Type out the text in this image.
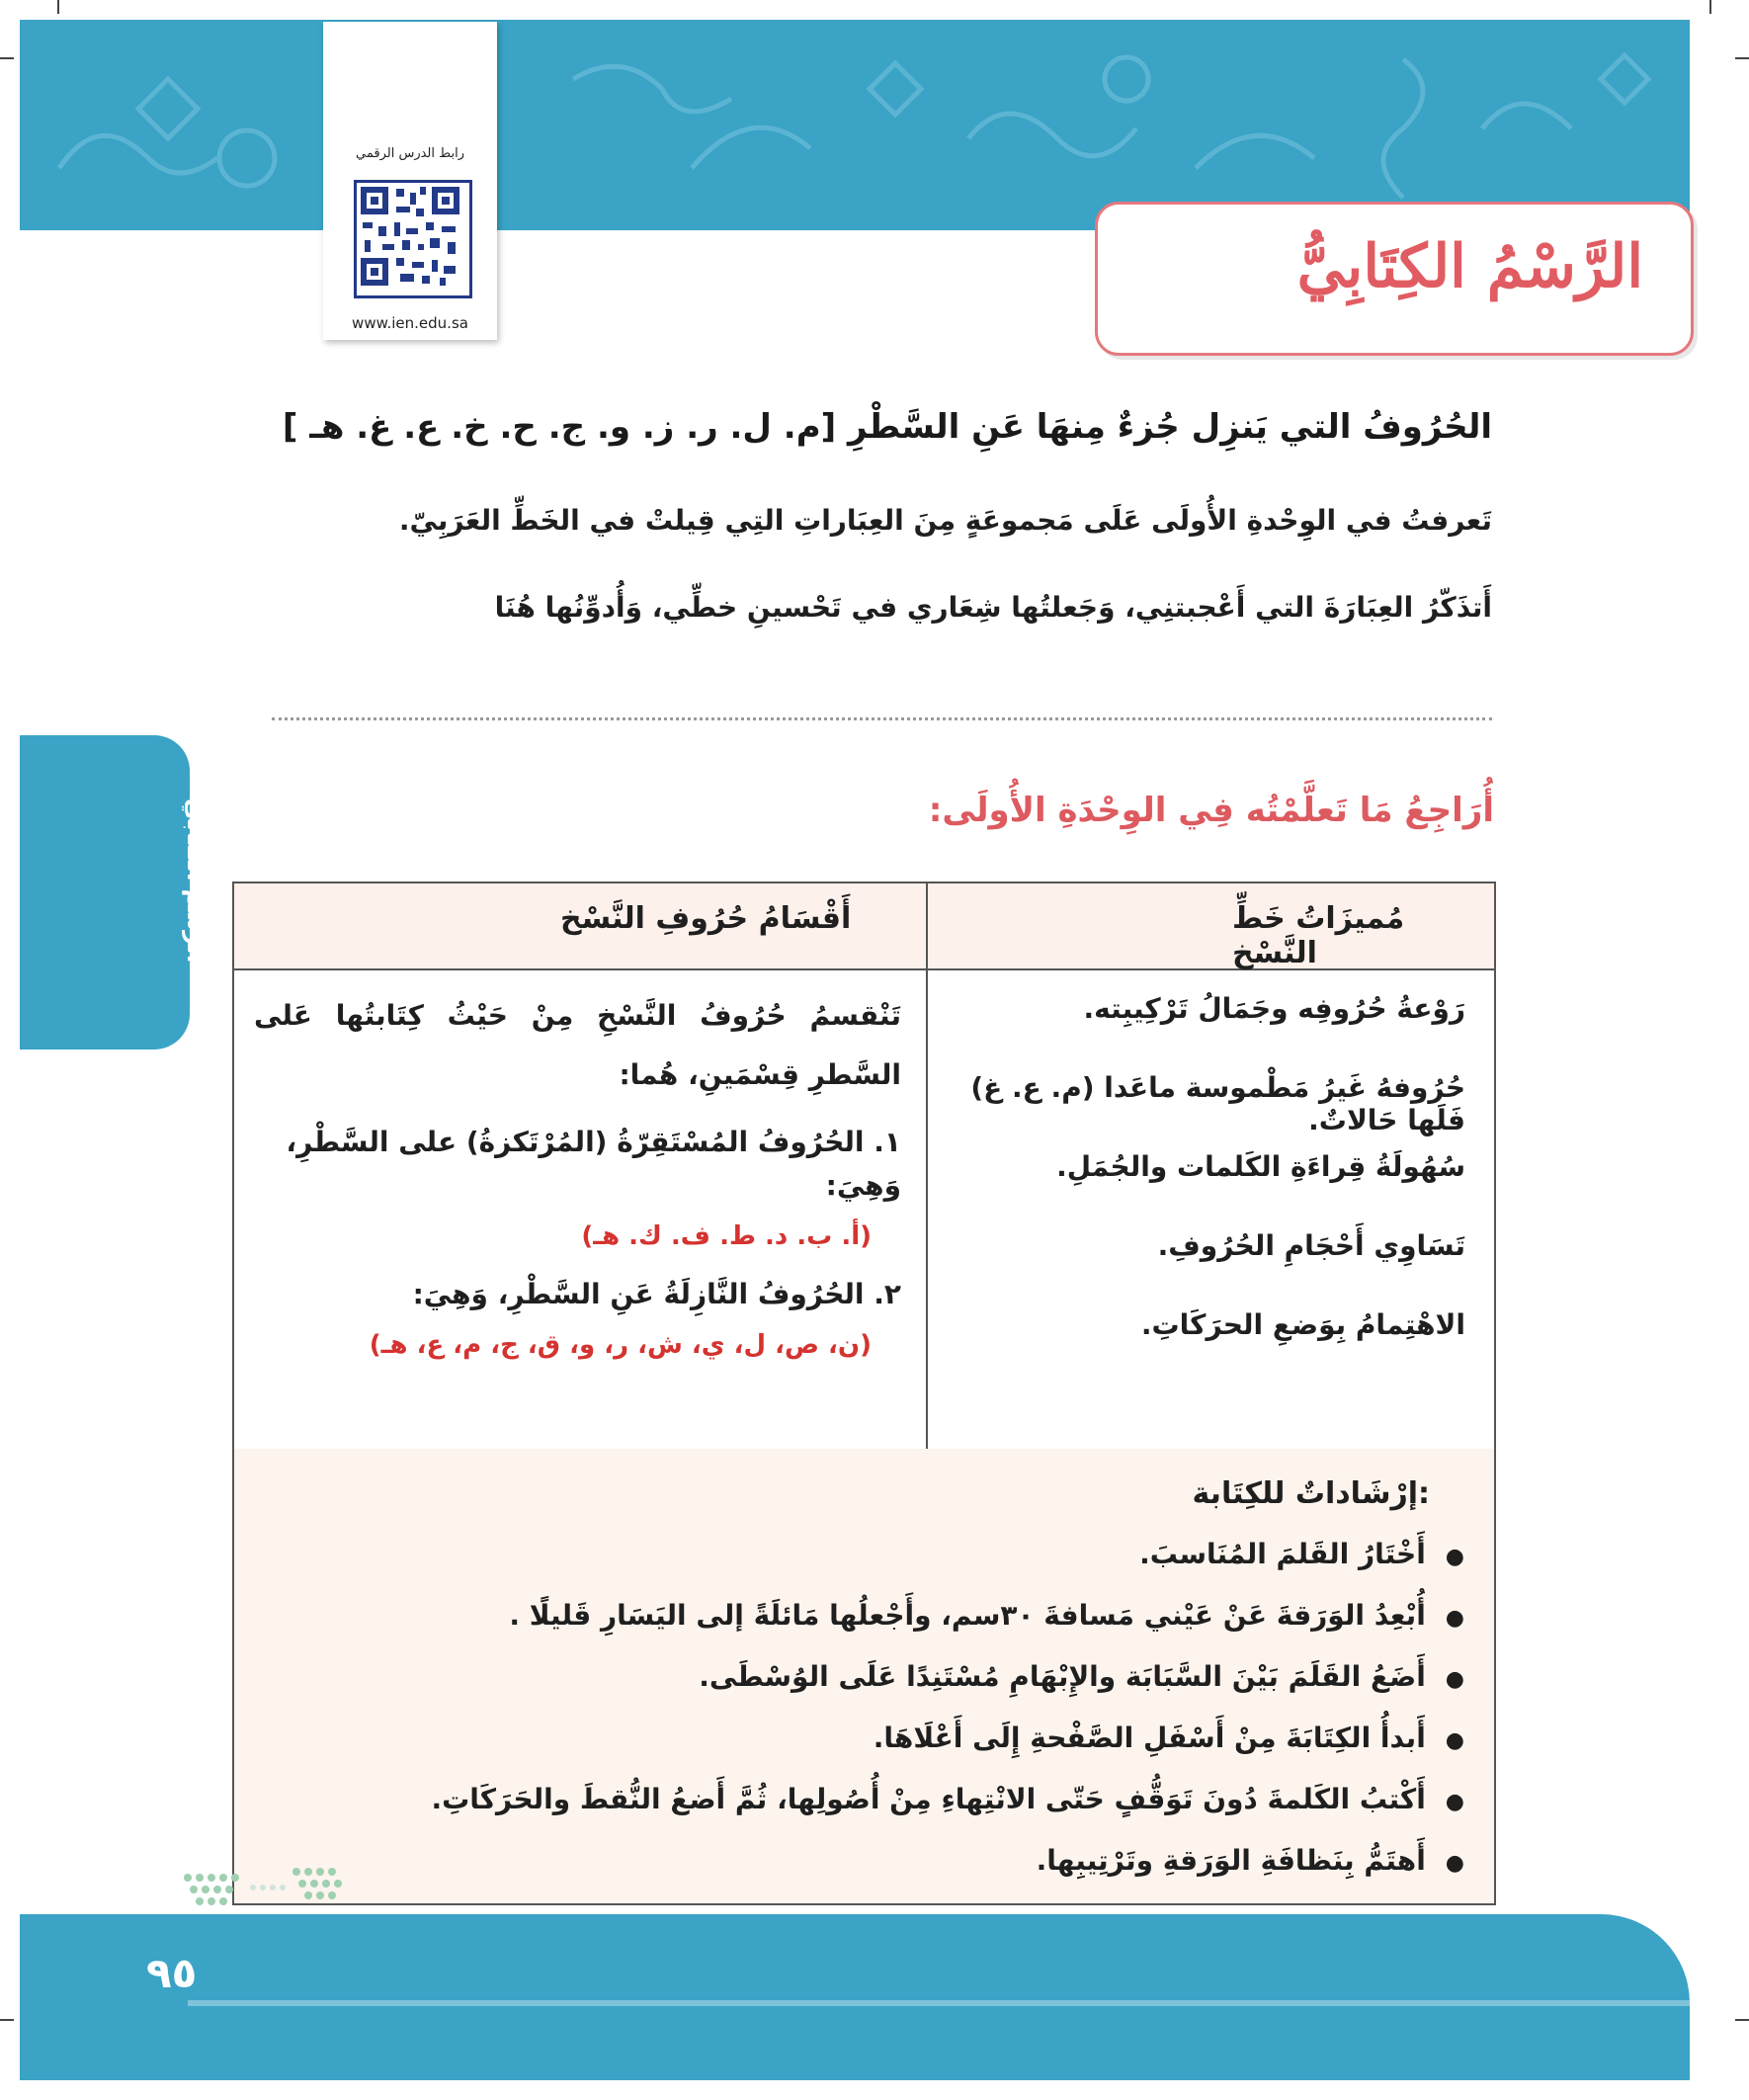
رابط الدرس الرقمي
www.ien.edu.sa
الرَّسْمُ الكِتَابِيُّ
الحُرُوفُ التي يَنزِل جُزءٌ مِنهَا عَنِ السَّطْرِ [م. ل. ر. ز. و. ج. ح. خ. ع. غ. هـ ]
تَعرفتُ في الوِحْدةِ الأُولَى عَلَى مَجموعَةٍ مِنَ العِبَاراتِ التِي قِيلتْ في الخَطِّ العَرَبِيّ.
أَتذَكّرُ العِبَارَةَ التي أَعْجبتنِي، وَجَعلتُها شِعَاري في تَحْسينِ خطِّي، وَأُدوِّنُها هُنَا
الرسم الكتابي	أُرَاجِعُ مَا تَعلَّمْتُه فِي الوِحْدَةِ الأُولَى:
مُميزَاتُ خَطِّ النَّسْخ
أَقْسَامُ حُرُوفِ النَّسْخ
رَوْعةُ حُرُوفِه وجَمَالُ تَرْكِيبِته.
حُرُوفهُ غَيرُ مَطْموسة ماعَدا (م. ع. غ) فَلَها حَالاتٌ.
سُهُولَةُ قِراءَةِ الكَلمات والجُمَلِ.
تَسَاوِي أَحْجَامِ الحُرُوفِ.
الاهْتِمامُ بِوَضعِ الحرَكَاتِ.
تَنْقسمُ حُرُوفُ النَّسْخِ مِنْ حَيْثُ كِتَابتُها عَلى السَّطرِ قِسْمَينِ، هُما:
١. الحُرُوفُ المُسْتَقِرّةُ (المُرْتَكزةُ) على السَّطْرِ، وَهِيَ:
(أ. ب. د. ط. ف. ك. هـ)
٢. الحُرُوفُ النَّازِلَةُ عَنِ السَّطْرِ، وَهِيَ:
(ن، ص، ل، ي، ش، ر، و، ق، ج، م، ع، هـ)
إرْشَاداتٌ للكِتَابة:
● أَخْتَارُ القَلمَ المُنَاسبَ.
● أُبْعِدُ الوَرَقةَ عَنْ عَيْني مَسافةَ ٣٠سم، وأَجْعلُها مَائلَةً إلى اليَسَارِ قَليلًا .
● أَضَعُ القَلَمَ بَيْنَ السَّبَابَة والإِبْهَامِ مُسْتَنِدًا عَلَى الوُسْطَى.
● أَبدأُ الكِتَابَةَ مِنْ أَسْفَلِ الصَّفْحةِ إِلَى أَعْلَاهَا.
● أَكْتبُ الكَلمةَ دُونَ تَوَقُّفٍ حَتّى الانْتِهاءِ مِنْ أُصُولِها، ثُمَّ أَضعُ النُّقطَ والحَرَكَاتِ.
● أَهتَمُّ بِنَظافَةِ الوَرَقةِ وتَرْتِيبِها.
٩٥
